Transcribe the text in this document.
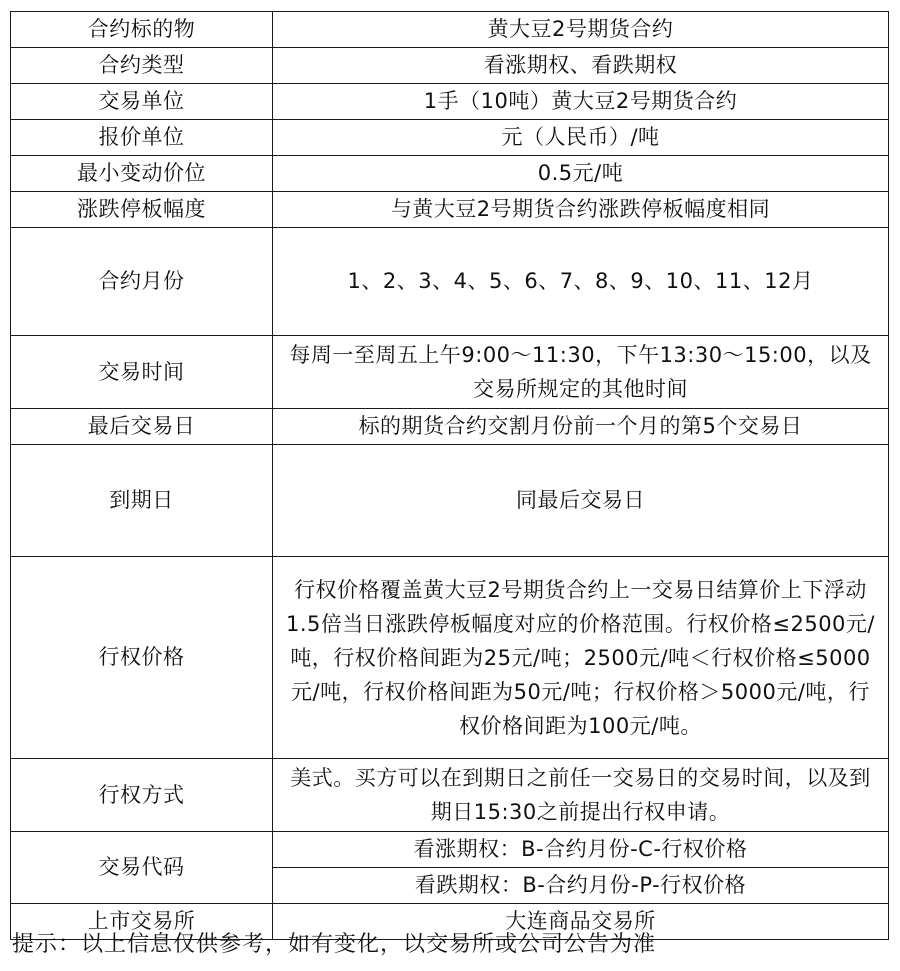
合约标的物	黄大豆2号期货合约
合约类型	看涨期权、看跌期权
交易单位	1手（10吨）黄大豆2号期货合约
报价单位	元（人民币）/吨
最小变动价位	0.5元/吨
涨跌停板幅度	与黄大豆2号期货合约涨跌停板幅度相同
合约月份	1、2、3、4、5、6、7、8、9、10、11、12月
交易时间	每周一至周五上午9:00～11:30，下午13:30～15:00，以及交易所规定的其他时间
最后交易日	标的期货合约交割月份前一个月的第5个交易日
到期日	同最后交易日
行权价格	行权价格覆盖黄大豆2号期货合约上一交易日结算价上下浮动1.5倍当日涨跌停板幅度对应的价格范围。行权价格≤2500元/吨，行权价格间距为25元/吨；2500元/吨＜行权价格≤5000元/吨，行权价格间距为50元/吨；行权价格＞5000元/吨，行权价格间距为100元/吨。
行权方式	美式。买方可以在到期日之前任一交易日的交易时间，以及到期日15:30之前提出行权申请。
交易代码	看涨期权：B-合约月份-C-行权价格
	看跌期权：B-合约月份-P-行权价格
上市交易所	大连商品交易所
提示：以上信息仅供参考，如有变化，以交易所或公司公告为准
